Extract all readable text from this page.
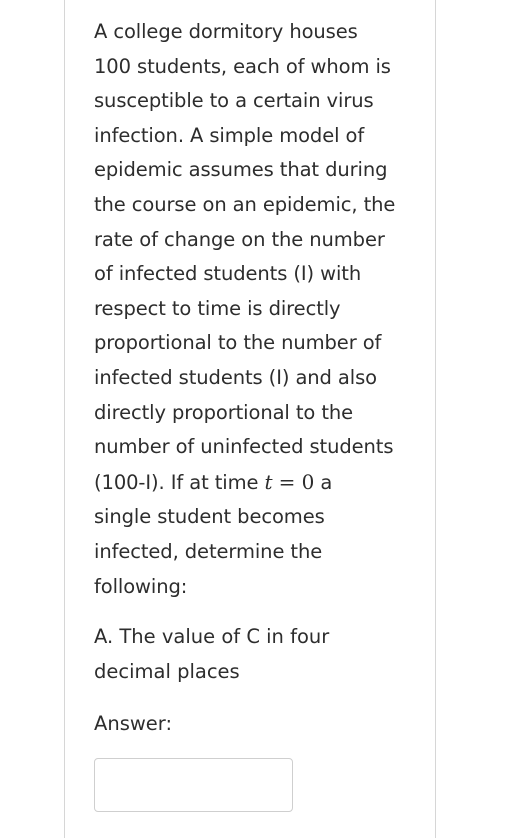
A college dormitory houses
100 students, each of whom is
susceptible to a certain virus
infection. A simple model of
epidemic assumes that during
the course on an epidemic, the
rate of change on the number
of infected students (I) with
respect to time is directly
proportional to the number of
infected students (I) and also
directly proportional to the
number of uninfected students
(100-I). If at time t = 0 a
single student becomes
infected, determine the
following:
A. The value of C in four
decimal places
Answer:
